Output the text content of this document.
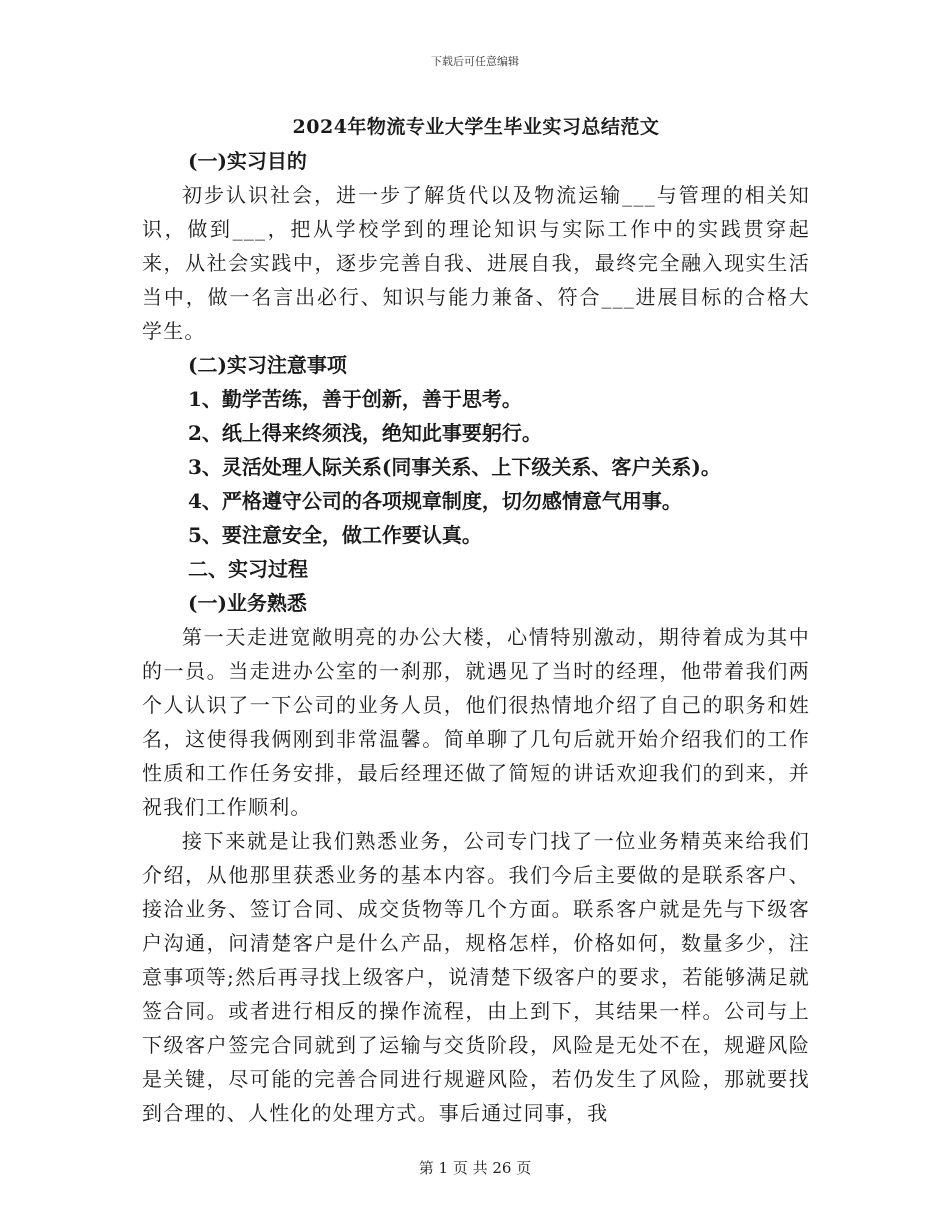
下载后可任意编辑

2024年物流专业大学生毕业实习总结范文

(一)实习目的

初步认识社会，进一步了解货代以及物流运输___与管理的相关知识，做到___，把从学校学到的理论知识与实际工作中的实践贯穿起来，从社会实践中，逐步完善自我、进展自我，最终完全融入现实生活当中，做一名言出必行、知识与能力兼备、符合___进展目标的合格大学生。

(二)实习注意事项

1、勤学苦练，善于创新，善于思考。

2、纸上得来终须浅，绝知此事要躬行。

3、灵活处理人际关系(同事关系、上下级关系、客户关系)。

4、严格遵守公司的各项规章制度，切勿感情意气用事。

5、要注意安全，做工作要认真。

二、实习过程

(一)业务熟悉

第一天走进宽敞明亮的办公大楼，心情特别激动，期待着成为其中的一员。当走进办公室的一刹那，就遇见了当时的经理，他带着我们两个人认识了一下公司的业务人员，他们很热情地介绍了自己的职务和姓名，这使得我俩刚到非常温馨。简单聊了几句后就开始介绍我们的工作性质和工作任务安排，最后经理还做了简短的讲话欢迎我们的到来，并祝我们工作顺利。

接下来就是让我们熟悉业务，公司专门找了一位业务精英来给我们介绍，从他那里获悉业务的基本内容。我们今后主要做的是联系客户、接洽业务、签订合同、成交货物等几个方面。联系客户就是先与下级客户沟通，问清楚客户是什么产品，规格怎样，价格如何，数量多少，注意事项等;然后再寻找上级客户，说清楚下级客户的要求，若能够满足就签合同。或者进行相反的操作流程，由上到下，其结果一样。公司与上下级客户签完合同就到了运输与交货阶段，风险是无处不在，规避风险是关键，尽可能的完善合同进行规避风险，若仍发生了风险，那就要找到合理的、人性化的处理方式。事后通过同事，我

第 1 页 共 26 页
